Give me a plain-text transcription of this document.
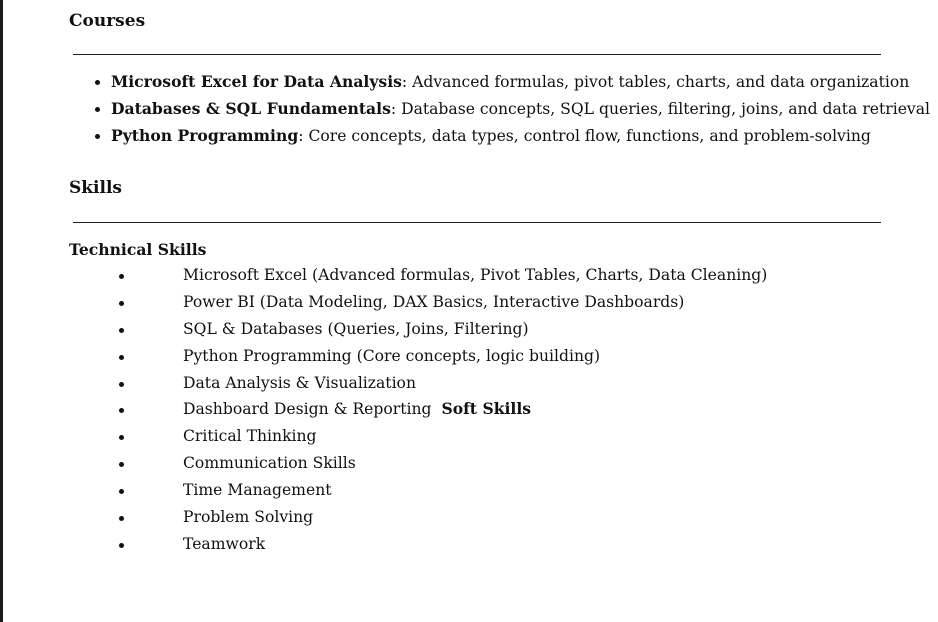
Courses
Microsoft Excel for Data Analysis: Advanced formulas, pivot tables, charts, and data organization
Databases & SQL Fundamentals: Database concepts, SQL queries, filtering, joins, and data retrieval
Python Programming: Core concepts, data types, control flow, functions, and problem-solving
Skills
Technical Skills
Microsoft Excel (Advanced formulas, Pivot Tables, Charts, Data Cleaning)
Power BI (Data Modeling, DAX Basics, Interactive Dashboards)
SQL & Databases (Queries, Joins, Filtering)
Python Programming (Core concepts, logic building)
Data Analysis & Visualization
Dashboard Design & Reporting  Soft Skills
Critical Thinking
Communication Skills
Time Management
Problem Solving
Teamwork
